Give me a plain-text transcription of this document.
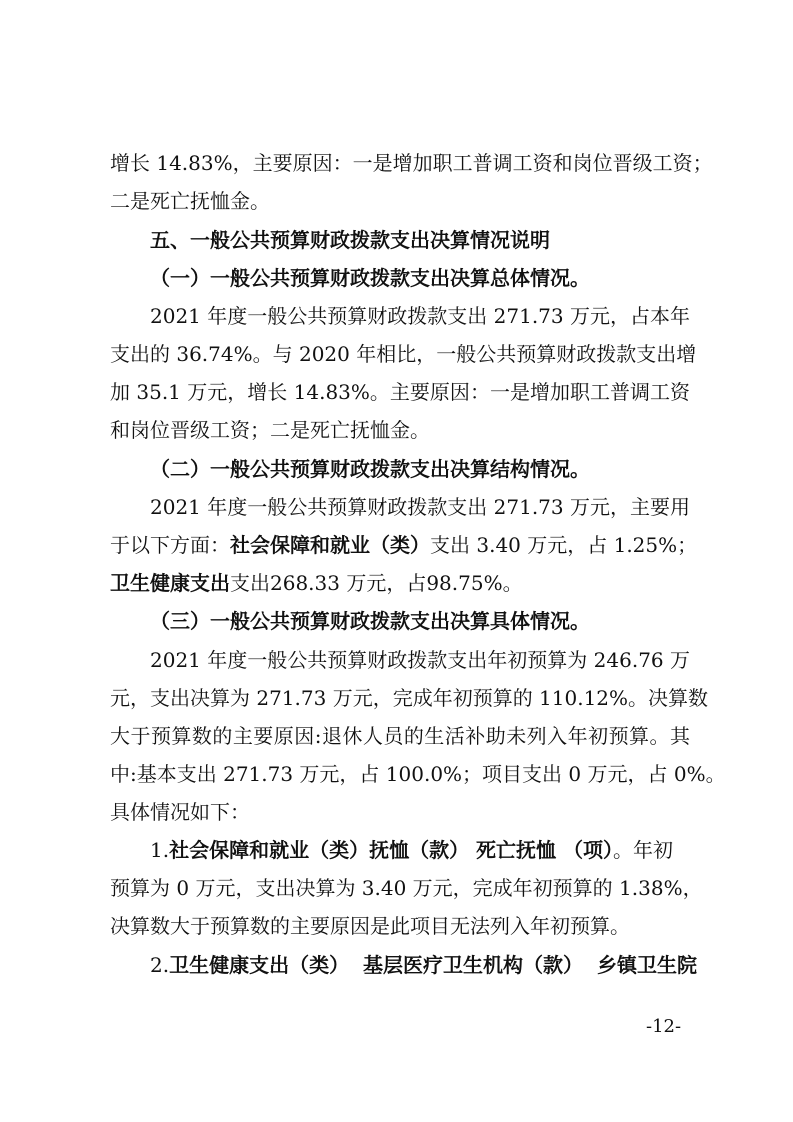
增长 14.83%，主要原因：一是增加职工普调工资和岗位晋级工资；
二是死亡抚恤金。
五、一般公共预算财政拨款支出决算情况说明
（一）一般公共预算财政拨款支出决算总体情况。
2021 年度一般公共预算财政拨款支出 271.73 万元，占本年
支出的 36.74%。与 2020 年相比，一般公共预算财政拨款支出增
加 35.1 万元，增长 14.83%。主要原因：一是增加职工普调工资
和岗位晋级工资；二是死亡抚恤金。
（二）一般公共预算财政拨款支出决算结构情况。
2021 年度一般公共预算财政拨款支出 271.73 万元，主要用
于以下方面：社会保障和就业（类）支出 3.40 万元，占 1.25%；
卫生健康支出支出268.33 万元，占98.75%。
（三）一般公共预算财政拨款支出决算具体情况。
2021 年度一般公共预算财政拨款支出年初预算为 246.76 万
元，支出决算为 271.73 万元，完成年初预算的 110.12%。决算数
大于预算数的主要原因:退休人员的生活补助未列入年初预算。其
中:基本支出 271.73 万元，占 100.0%；项目支出 0 万元，占 0%。
具体情况如下：
1.社会保障和就业（类）抚恤（款） 死亡抚恤 （项）。年初
预算为 0 万元，支出决算为 3.40 万元，完成年初预算的 1.38%，
决算数大于预算数的主要原因是此项目无法列入年初预算。
2.卫生健康支出（类）  基层医疗卫生机构（款）  乡镇卫生院
-12-
